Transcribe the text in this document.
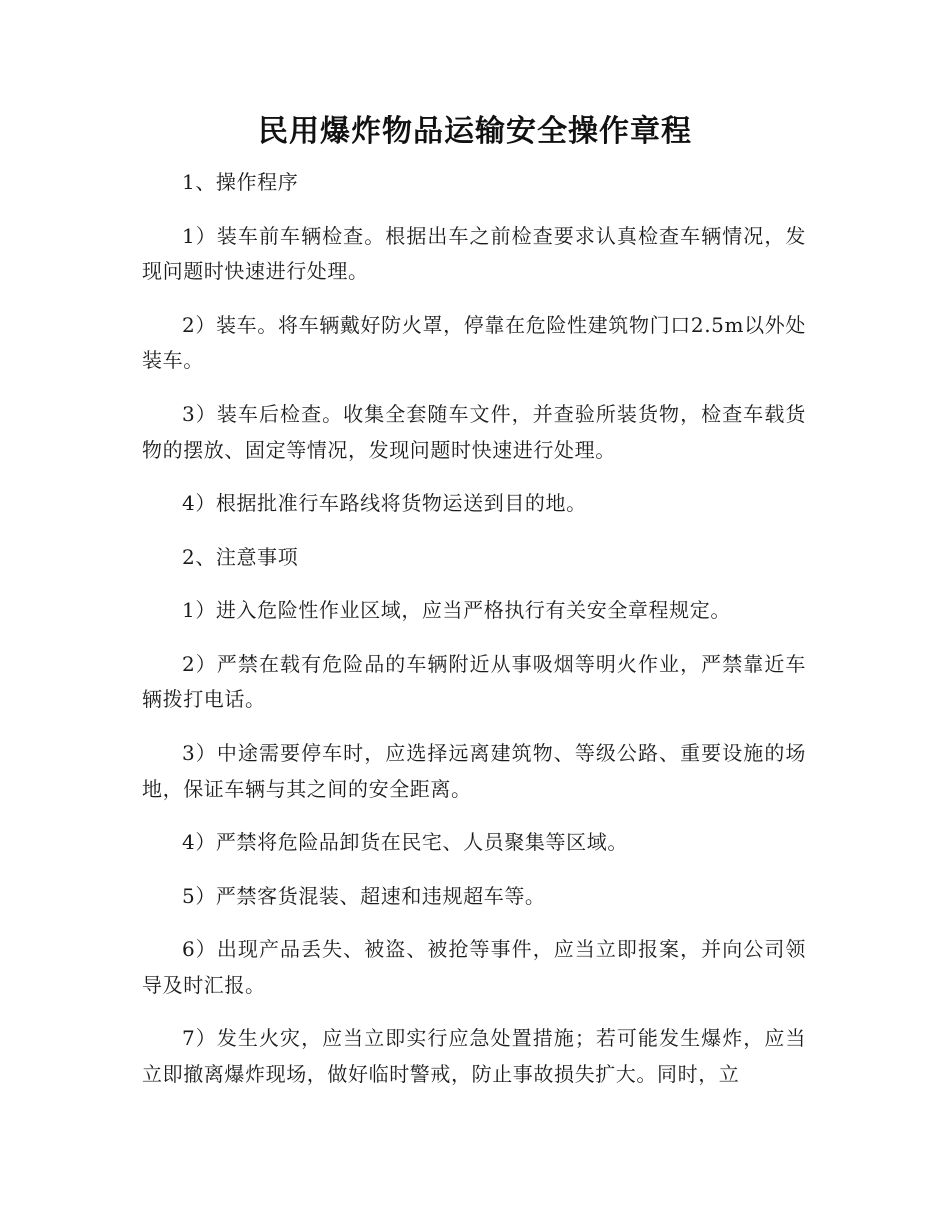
民用爆炸物品运输安全操作章程

1、操作程序

1）装车前车辆检查。根据出车之前检查要求认真检查车辆情况，发现问题时快速进行处理。

2）装车。将车辆戴好防火罩，停靠在危险性建筑物门口2.5m以外处装车。

3）装车后检查。收集全套随车文件，并查验所装货物，检查车载货物的摆放、固定等情况，发现问题时快速进行处理。

4）根据批准行车路线将货物运送到目的地。

2、注意事项

1）进入危险性作业区域，应当严格执行有关安全章程规定。

2）严禁在载有危险品的车辆附近从事吸烟等明火作业，严禁靠近车辆拨打电话。

3）中途需要停车时，应选择远离建筑物、等级公路、重要设施的场地，保证车辆与其之间的安全距离。

4）严禁将危险品卸货在民宅、人员聚集等区域。

5）严禁客货混装、超速和违规超车等。

6）出现产品丢失、被盗、被抢等事件，应当立即报案，并向公司领导及时汇报。

7）发生火灾，应当立即实行应急处置措施；若可能发生爆炸，应当立即撤离爆炸现场，做好临时警戒，防止事故损失扩大。同时，立
